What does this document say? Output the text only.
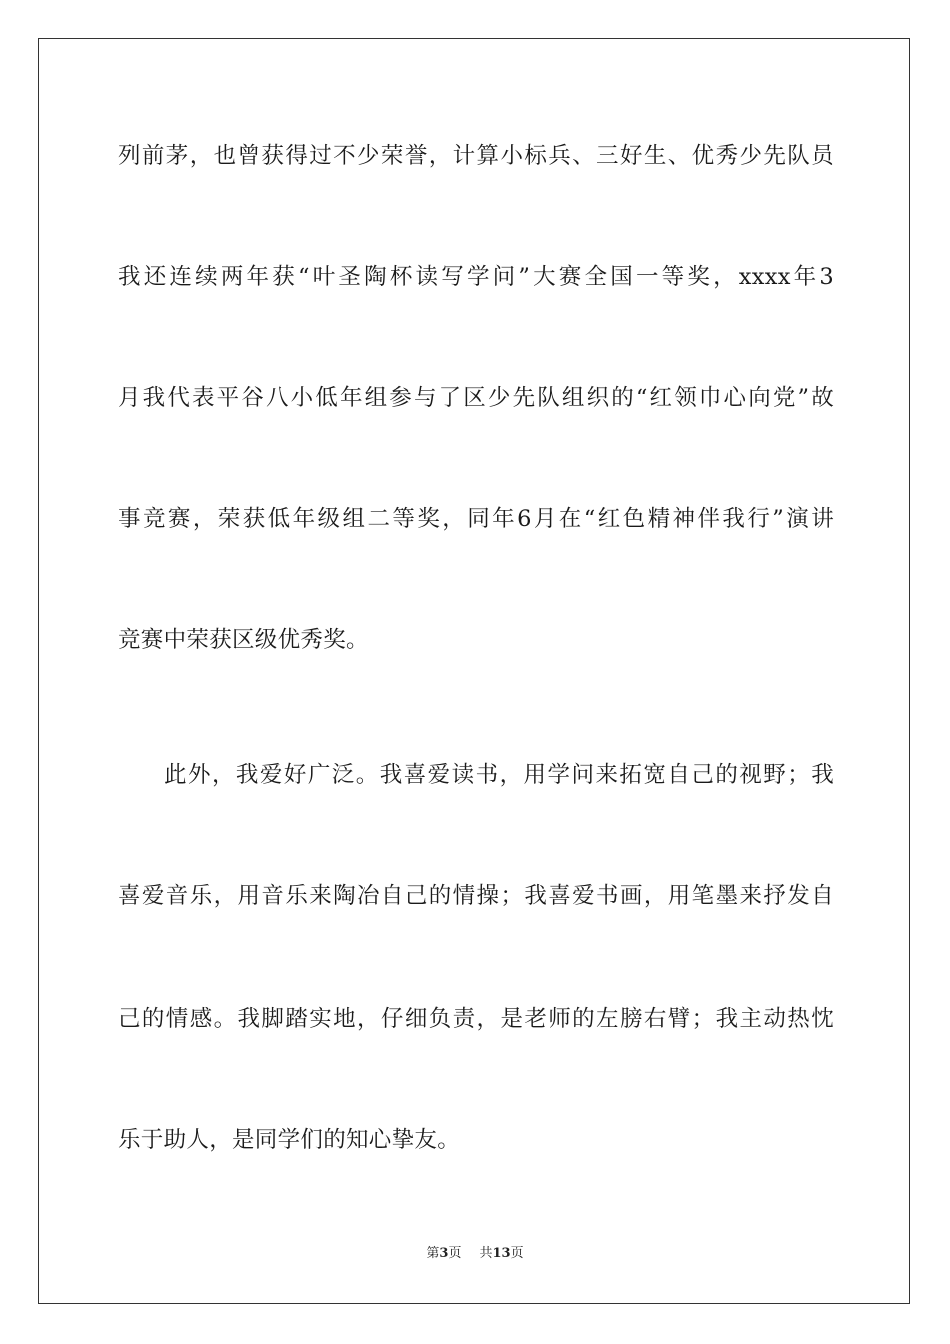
列前茅，也曾获得过不少荣誉，计算小标兵、三好生、优秀少先队员
我还连续两年获“叶圣陶杯读写学问”大赛全国一等奖，xxxx年3
月我代表平谷八小低年组参与了区少先队组织的“红领巾心向党”故
事竞赛，荣获低年级组二等奖，同年6月在“红色精神伴我行”演讲
竞赛中荣获区级优秀奖。
此外，我爱好广泛。我喜爱读书，用学问来拓宽自己的视野；我
喜爱音乐，用音乐来陶冶自己的情操；我喜爱书画，用笔墨来抒发自
己的情感。我脚踏实地，仔细负责，是老师的左膀右臂；我主动热忱
乐于助人，是同学们的知心挚友。
第3页 共13页
